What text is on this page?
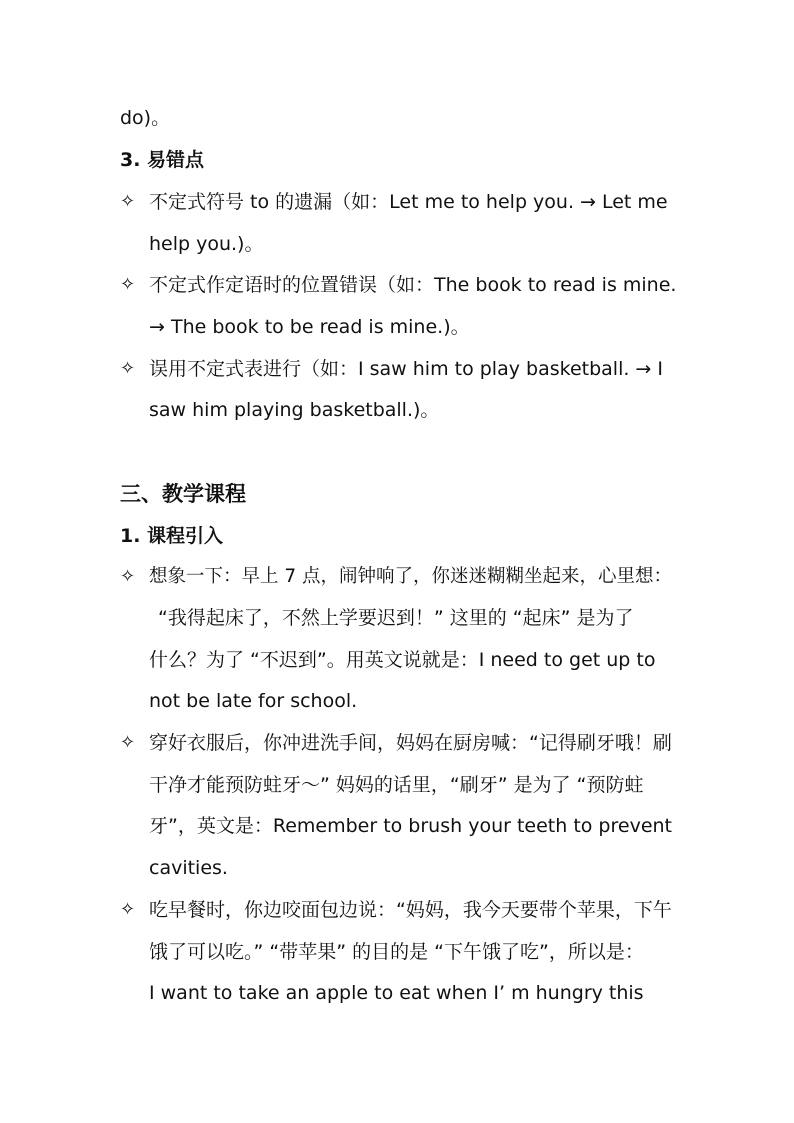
do)。
3. 易错点
✧ 不定式符号 to 的遗漏（如：Let me to help you. → Let me
help you.)。
✧ 不定式作定语时的位置错误（如：The book to read is mine.
→ The book to be read is mine.)。
✧ 误用不定式表进行（如：I saw him to play basketball. → I
saw him playing basketball.)。
三、教学课程
1. 课程引入
✧ 想象一下：早上 7 点，闹钟响了，你迷迷糊糊坐起来，心里想：
“我得起床了，不然上学要迟到！” 这里的 “起床” 是为了
什么？为了 “不迟到”。用英文说就是：I need to get up to
not be late for school.
✧ 穿好衣服后，你冲进洗手间，妈妈在厨房喊：“记得刷牙哦！刷
干净才能预防蛀牙～” 妈妈的话里，“刷牙” 是为了 “预防蛀
牙”，英文是：Remember to brush your teeth to prevent
cavities.
✧ 吃早餐时，你边咬面包边说：“妈妈，我今天要带个苹果，下午
饿了可以吃。” “带苹果” 的目的是 “下午饿了吃”，所以是：
I want to take an apple to eat when I’ m hungry this
